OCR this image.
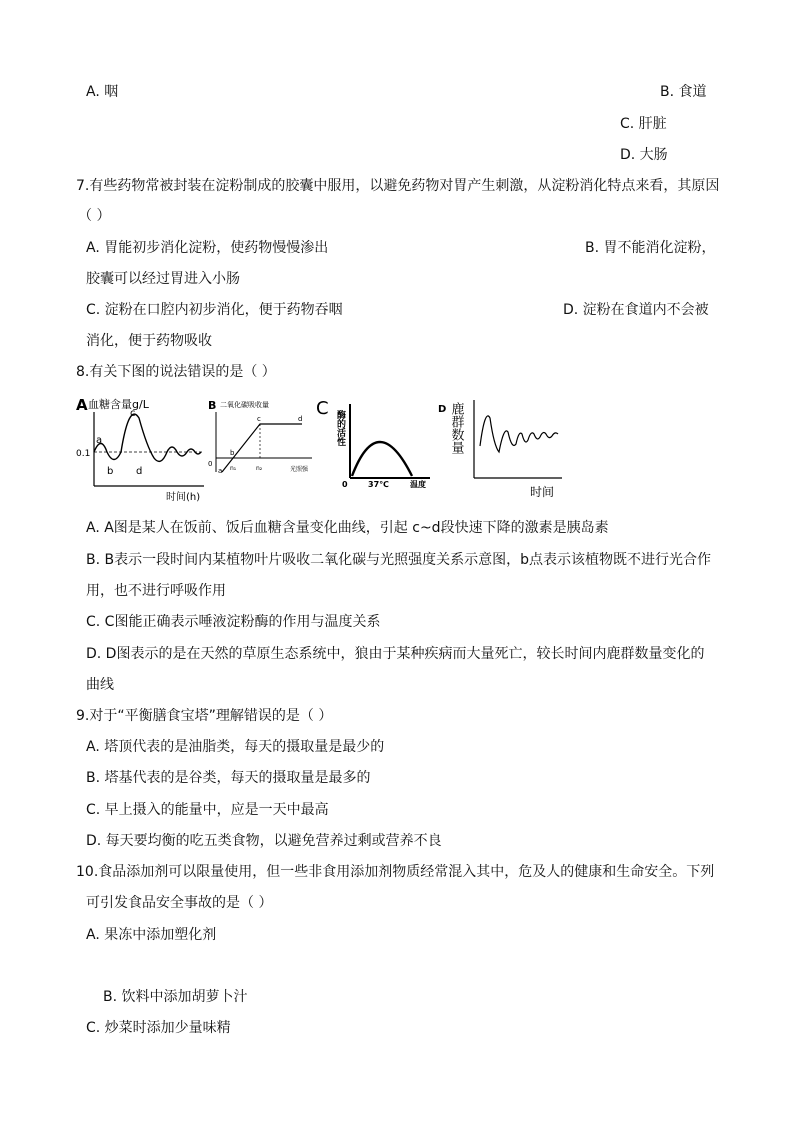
A. 咽	B. 食道
C. 肝脏
D. 大肠
7.有些药物常被封装在淀粉制成的胶囊中服用，以避免药物对胃产生刺激，从淀粉消化特点来看，其原因
（ ）
A. 胃能初步消化淀粉，使药物慢慢渗出	B. 胃不能消化淀粉，
胶囊可以经过胃进入小肠
C. 淀粉在口腔内初步消化，便于药物吞咽	D. 淀粉在食道内不会被
消化，便于药物吸收
8.有关下图的说法错误的是（ ）
A 血糖含量g/L
0.1
a
b
c
d
时间(h)
B 二氧化碳吸收量
0
a
b
c	d
n₁	n₂	光照强
C
酶的活性
0	37℃	温度
D 鹿群数量
时间
A. A图是某人在饭前、饭后血糖含量变化曲线，引起 c~d段快速下降的激素是胰岛素
B. B表示一段时间内某植物叶片吸收二氧化碳与光照强度关系示意图，b点表示该植物既不进行光合作
用，也不进行呼吸作用
C. C图能正确表示唾液淀粉酶的作用与温度关系
D. D图表示的是在天然的草原生态系统中，狼由于某种疾病而大量死亡，较长时间内鹿群数量变化的
曲线
9.对于“平衡膳食宝塔”理解错误的是（ ）
A. 塔顶代表的是油脂类，每天的摄取量是最少的
B. 塔基代表的是谷类，每天的摄取量是最多的
C. 早上摄入的能量中，应是一天中最高
D. 每天要均衡的吃五类食物，以避免营养过剩或营养不良
10.食品添加剂可以限量使用，但一些非食用添加剂物质经常混入其中，危及人的健康和生命安全。下列
可引发食品安全事故的是（ ）
A. 果冻中添加塑化剂
B. 饮料中添加胡萝卜汁
C. 炒菜时添加少量味精
